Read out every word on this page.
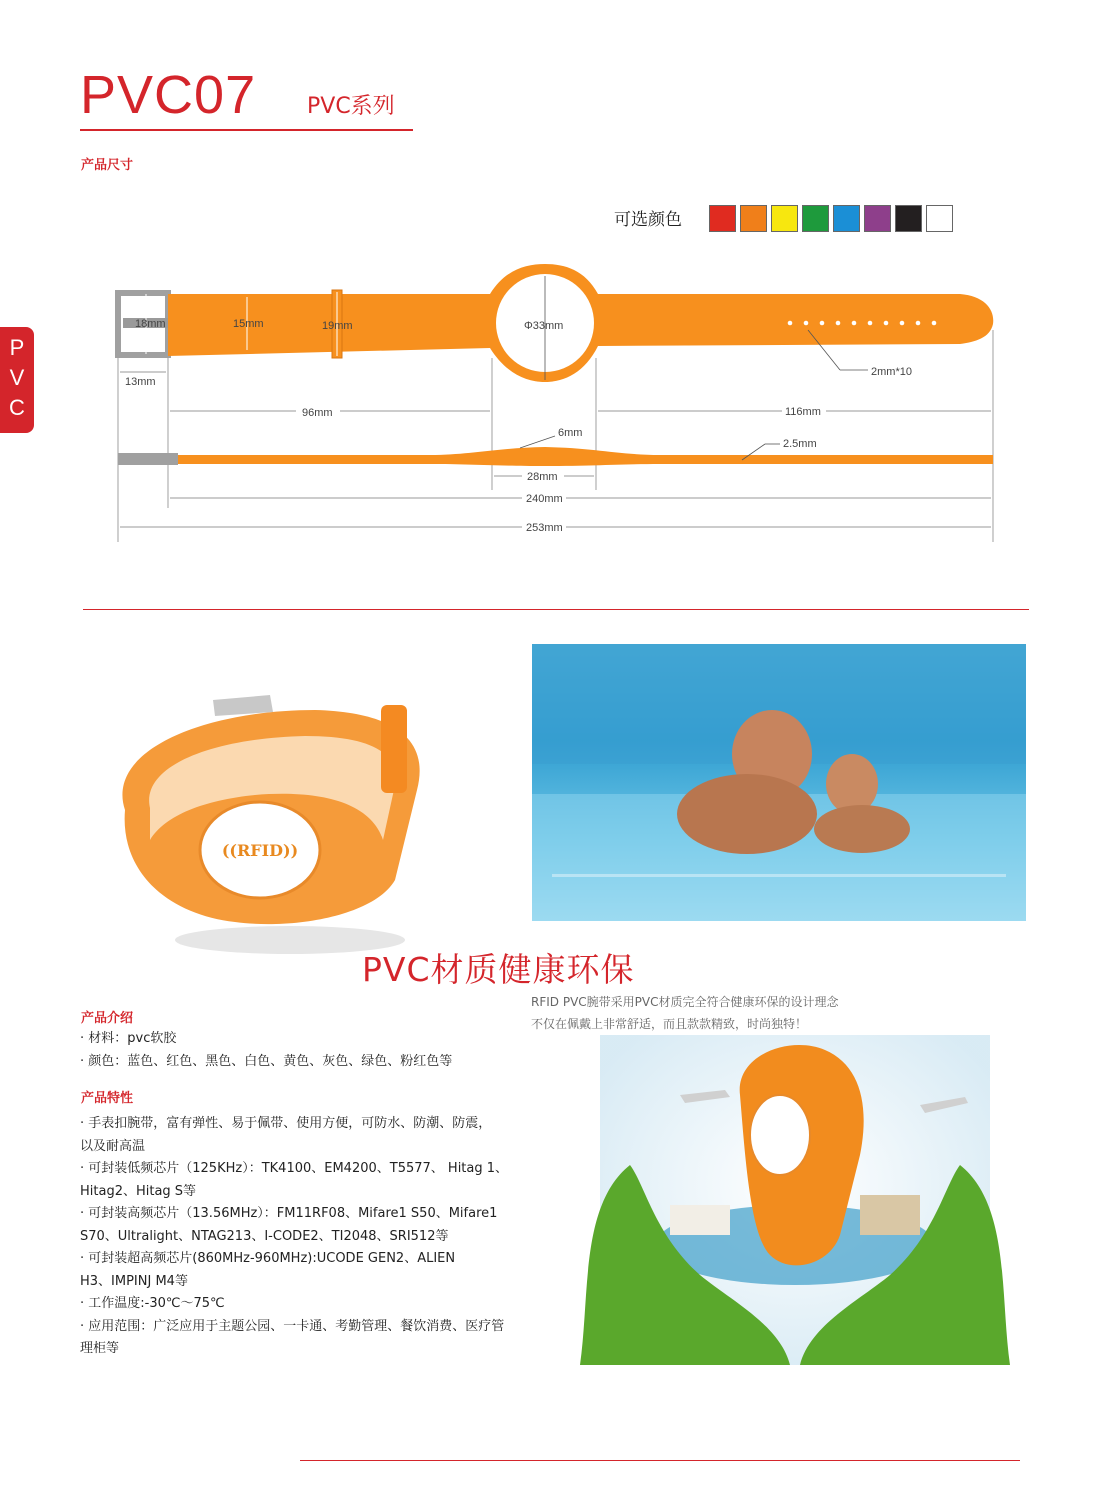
PVC07 PVC系列
产品尺寸
P
V
C
可选颜色
18mm	15mm	19mm	Φ33mm
2mm*10
13mm
96mm	116mm
6mm
2.5mm
28mm
240mm
253mm
((RFID))
PVC材质健康环保
RFID PVC腕带采用PVC材质完全符合健康环保的设计理念
不仅在佩戴上非常舒适，而且款款精致，时尚独特！
产品介绍
· 材料：pvc软胶
· 颜色：蓝色、红色、黑色、白色、黄色、灰色、绿色、粉红色等
产品特性
· 手表扣腕带，富有弹性、易于佩带、使用方便，可防水、防潮、防震，
以及耐高温
· 可封装低频芯片（125KHz）：TK4100、EM4200、T5577、 Hitag 1、
Hitag2、Hitag S等
· 可封装高频芯片（13.56MHz）：FM11RF08、Mifare1 S50、Mifare1
S70、Ultralight、NTAG213、I-CODE2、TI2048、SRI512等
· 可封装超高频芯片(860MHz-960MHz):UCODE GEN2、ALIEN
H3、IMPINJ M4等
· 工作温度:-30℃～75℃
· 应用范围：广泛应用于主题公园、一卡通、考勤管理、餐饮消费、医疗管
理柜等
